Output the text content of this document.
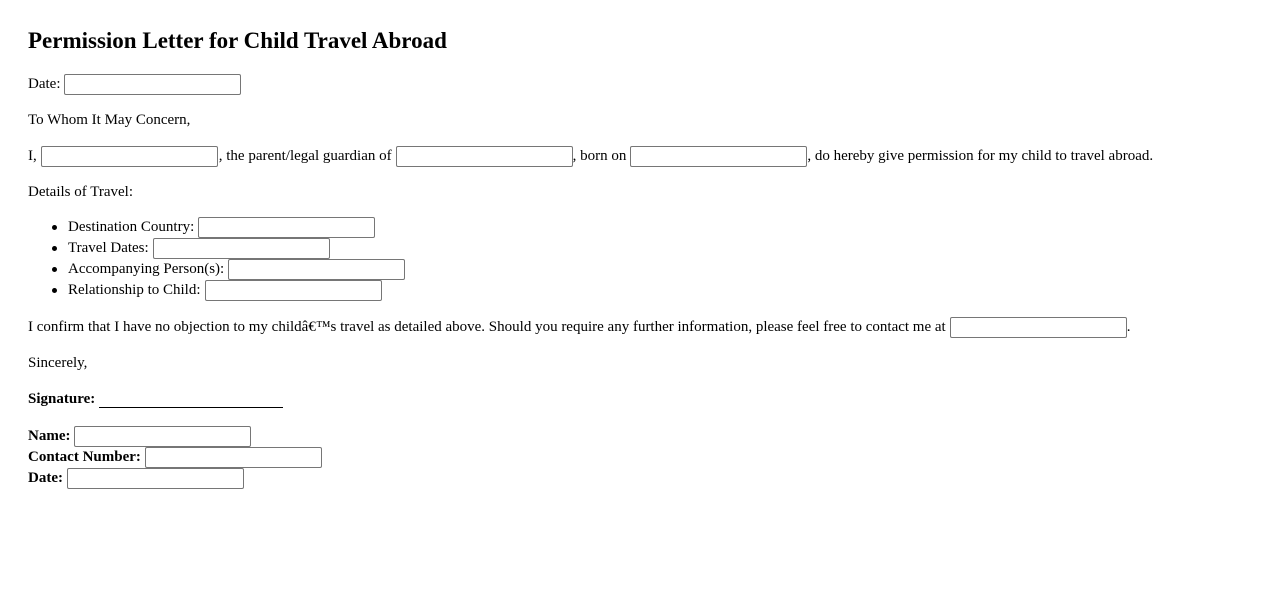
Permission Letter for Child Travel Abroad
Date:
To Whom It May Concern,
I,	, the parent/legal guardian of	, born on	, do hereby give permission for my child to travel abroad.
Details of Travel:
Destination Country:
Travel Dates:
Accompanying Person(s):
Relationship to Child:
I confirm that I have no objection to my childâ€™s travel as detailed above. Should you require any further information, please feel free to contact me at	.
Sincerely,
Signature:
Name:
Contact Number:
Date:
